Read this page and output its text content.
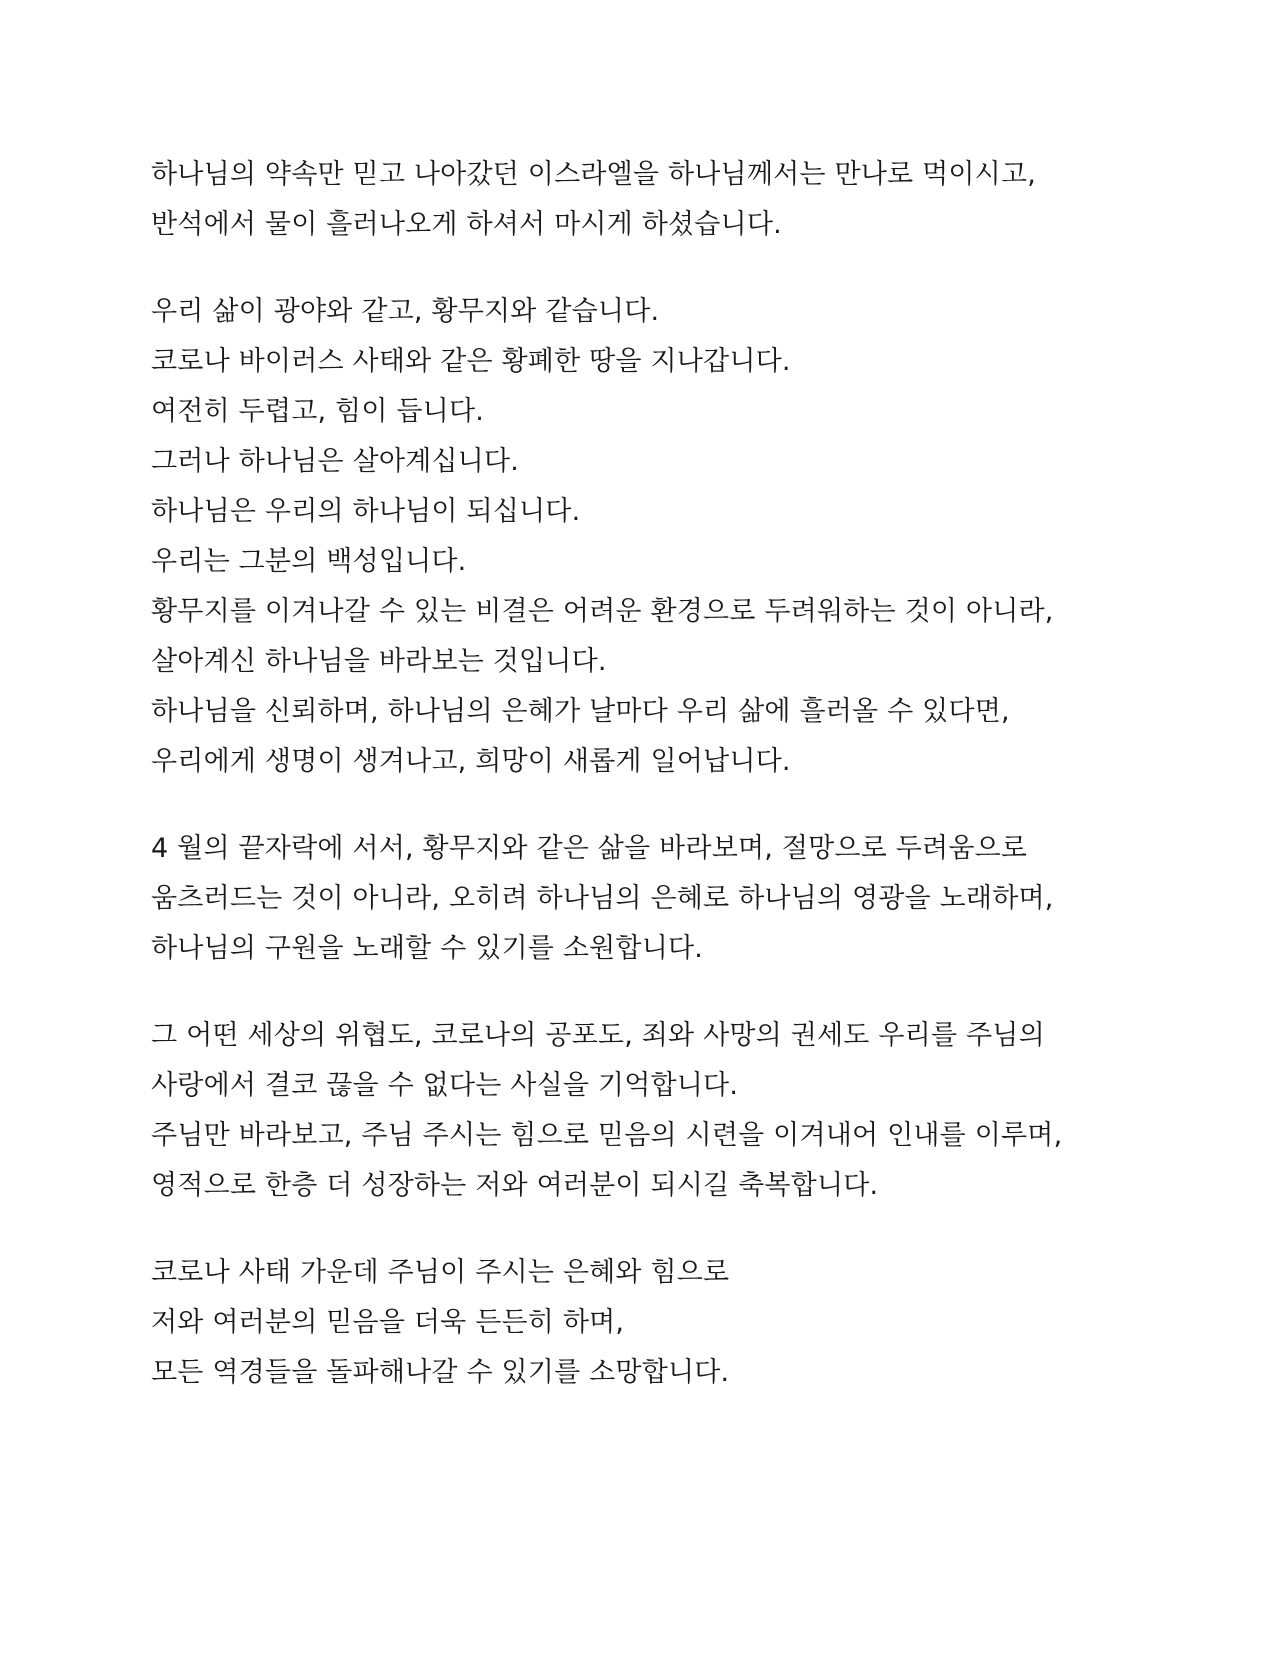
하나님의 약속만 믿고 나아갔던 이스라엘을 하나님께서는 만나로 먹이시고,
반석에서 물이 흘러나오게 하셔서 마시게 하셨습니다.
우리 삶이 광야와 같고, 황무지와 같습니다.
코로나 바이러스 사태와 같은 황폐한 땅을 지나갑니다.
여전히 두렵고, 힘이 듭니다.
그러나 하나님은 살아계십니다.
하나님은 우리의 하나님이 되십니다.
우리는 그분의 백성입니다.
황무지를 이겨나갈 수 있는 비결은 어려운 환경으로 두려워하는 것이 아니라,
살아계신 하나님을 바라보는 것입니다.
하나님을 신뢰하며, 하나님의 은혜가 날마다 우리 삶에 흘러올 수 있다면,
우리에게 생명이 생겨나고, 희망이 새롭게 일어납니다.
4 월의 끝자락에 서서, 황무지와 같은 삶을 바라보며, 절망으로 두려움으로
움츠러드는 것이 아니라, 오히려 하나님의 은혜로 하나님의 영광을 노래하며,
하나님의 구원을 노래할 수 있기를 소원합니다.
그 어떤 세상의 위협도, 코로나의 공포도, 죄와 사망의 권세도 우리를 주님의
사랑에서 결코 끊을 수 없다는 사실을 기억합니다.
주님만 바라보고, 주님 주시는 힘으로 믿음의 시련을 이겨내어 인내를 이루며,
영적으로 한층 더 성장하는 저와 여러분이 되시길 축복합니다.
코로나 사태 가운데 주님이 주시는 은혜와 힘으로
저와 여러분의 믿음을 더욱 든든히 하며,
모든 역경들을 돌파해나갈 수 있기를 소망합니다.
